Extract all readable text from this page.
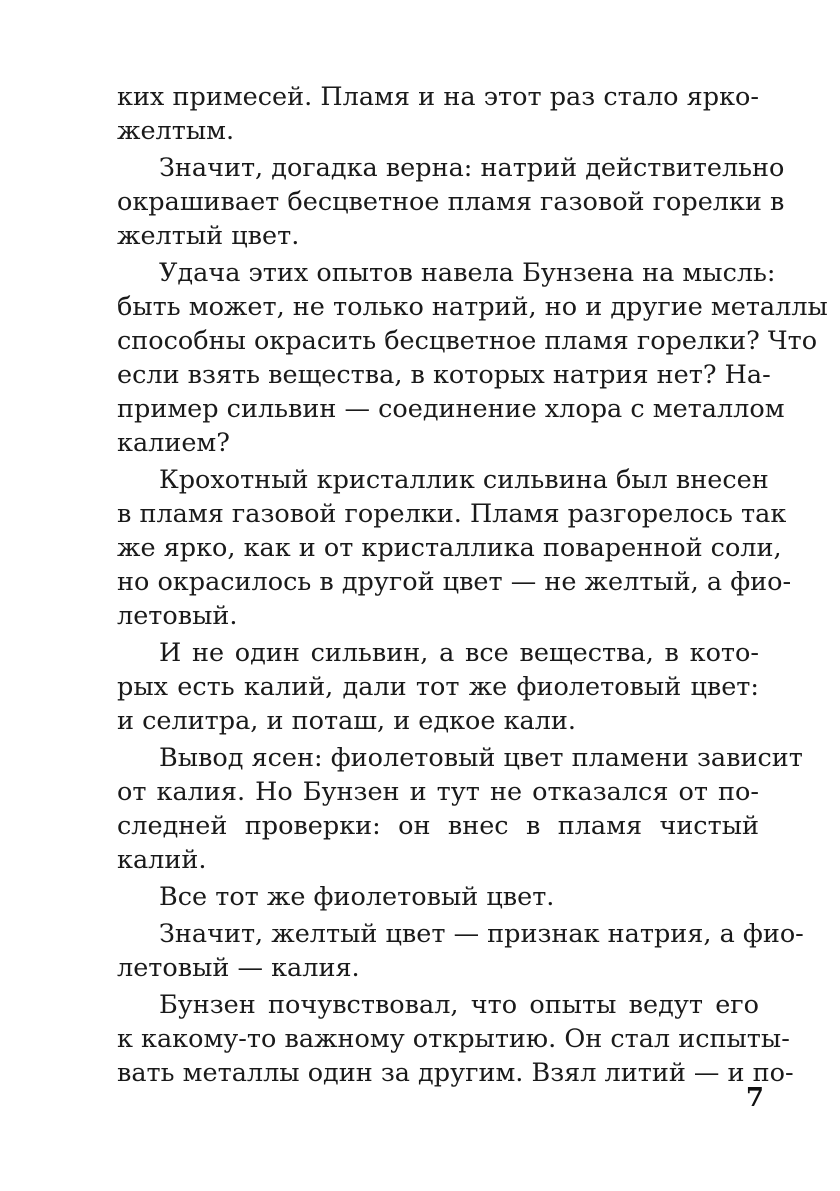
ких примесей. Пламя и на этот раз стало ярко-
желтым.
Значит, догадка верна: натрий действительно
окрашивает бесцветное пламя газовой горелки в
желтый цвет.
Удача этих опытов навела Бунзена на мысль:
быть может, не только натрий, но и другие металлы
способны окрасить бесцветное пламя горелки? Что
если взять вещества, в которых натрия нет? На-
пример сильвин — соединение хлора с металлом
калием?
Крохотный кристаллик сильвина был внесен
в пламя газовой горелки. Пламя разгорелось так
же ярко, как и от кристаллика поваренной соли,
но окрасилось в другой цвет — не желтый, а фио-
летовый.
И не один сильвин, а все вещества, в кото-
рых есть калий, дали тот же фиолетовый цвет:
и селитра, и поташ, и едкое кали.
Вывод ясен: фиолетовый цвет пламени зависит
от калия. Но Бунзен и тут не отказался от по-
следней проверки: он внес в пламя чистый
калий.
Все тот же фиолетовый цвет.
Значит, желтый цвет — признак натрия, а фио-
летовый — калия.
Бунзен почувствовал, что опыты ведут его
к какому-то важному открытию. Он стал испыты-
вать металлы один за другим. Взял литий — и по-
7
